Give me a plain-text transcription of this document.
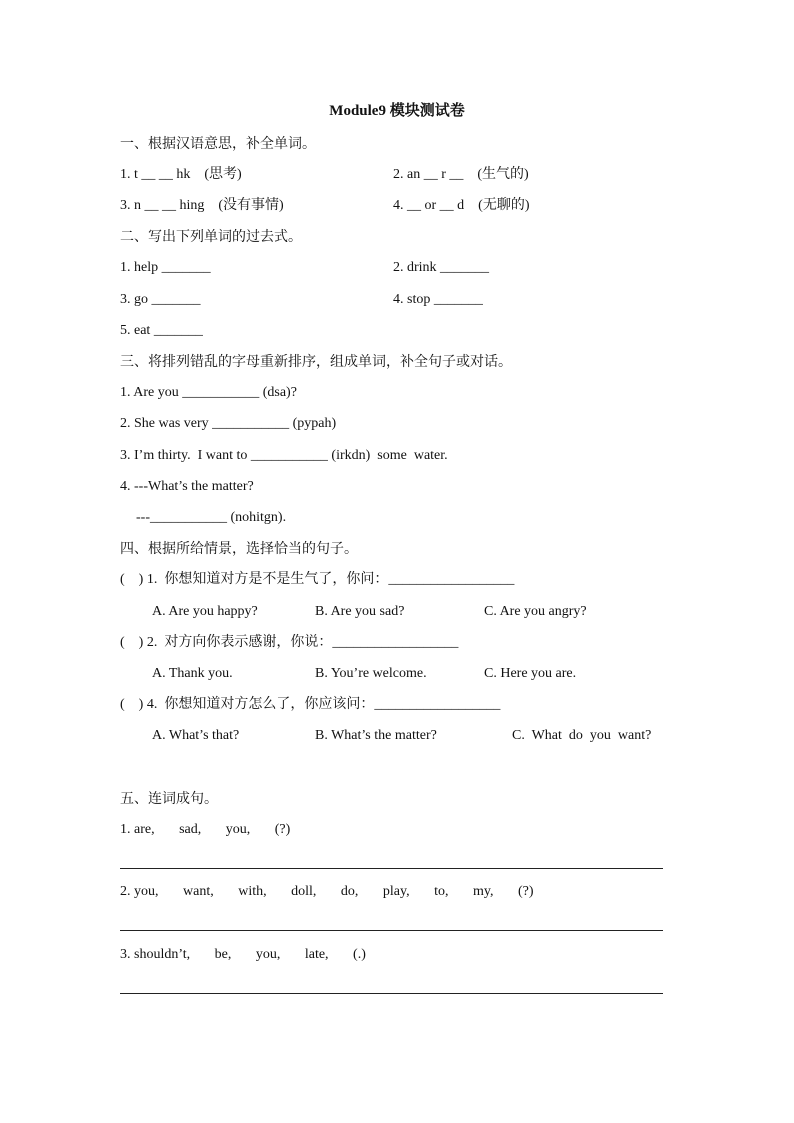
Module9 模块测试卷
一、根据汉语意思，补全单词。
1. t __ __ hk    (思考)	2. an __ r __    (生气的)
3. n __ __ hing    (没有事情)	4. __ or __ d    (无聊的)
二、写出下列单词的过去式。
1. help _______	2. drink _______
3. go _______	4. stop _______
5. eat _______
三、将排列错乱的字母重新排序，组成单词，补全句子或对话。
1. Are you ___________ (dsa)?
2. She was very ___________ (pypah)
3. I’m thirty.  I want to ___________ (irkdn)  some  water.
4. ---What’s the matter?
---___________ (nohitgn).
四、根据所给情景，选择恰当的句子。
(    ) 1.  你想知道对方是不是生气了，你问：__________________
A. Are you happy?	B. Are you sad?	C. Are you angry?
(    ) 2.  对方向你表示感谢，你说：__________________
A. Thank you.	B. You’re welcome.	C. Here you are.
(    ) 4.  你想知道对方怎么了，你应该问：__________________
A. What’s that?	B. What’s the matter?	C.  What  do  you  want?
五、连词成句。
1. are,       sad,       you,       (?)
2. you,       want,       with,       doll,       do,       play,       to,       my,       (?)
3. shouldn’t,       be,       you,       late,       (.)
